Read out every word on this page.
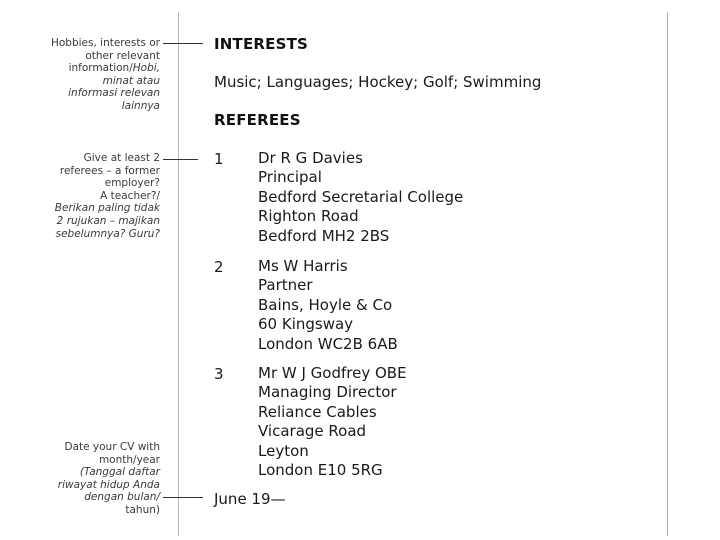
Hobbies, interests or
other relevant
information/Hobi,
minat atau
informasi relevan
lainnya
Give at least 2
referees – a former
employer?
A teacher?/
Berikan paling tidak
2 rujukan – majikan
sebelumnya? Guru?
Date your CV with
month/year
(Tanggal daftar
riwayat hidup Anda
dengan bulan/
tahun)
INTERESTS
Music; Languages; Hockey; Golf; Swimming
REFEREES
1 Dr R G Davies
Principal
Bedford Secretarial College
Righton Road
Bedford MH2 2BS
2 Ms W Harris
Partner
Bains, Hoyle & Co
60 Kingsway
London WC2B 6AB
3 Mr W J Godfrey OBE
Managing Director
Reliance Cables
Vicarage Road
Leyton
London E10 5RG
June 19—
